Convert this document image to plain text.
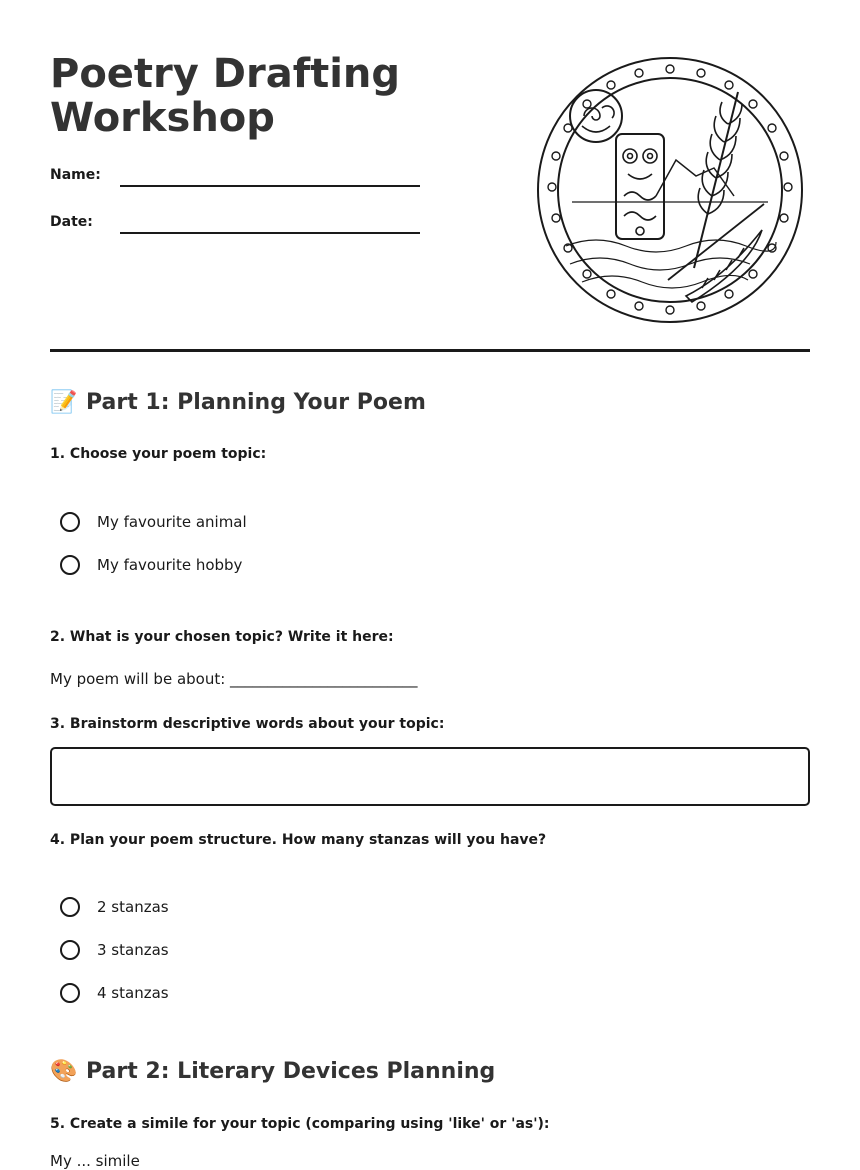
Poetry Drafting
Workshop
Name:
Date:
📝 Part 1: Planning Your Poem

1. Choose your poem topic:

My favourite animal
My favourite hobby

2. What is your chosen topic? Write it here:

My poem will be about: _________________________

3. Brainstorm descriptive words about your topic:

4. Plan your poem structure. How many stanzas will you have?

2 stanzas
3 stanzas
4 stanzas
🎨 Part 2: Literary Devices Planning

5. Create a simile for your topic (comparing using 'like' or 'as'):

My ... simile
